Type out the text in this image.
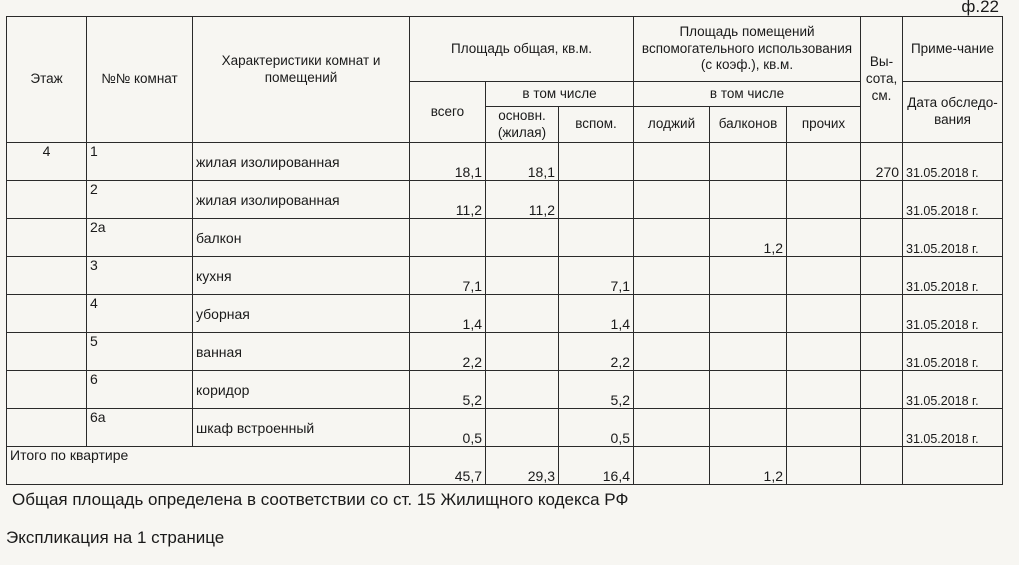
ф.22
Этаж	№№ комнат	Характеристики комнат и помещений	Площадь общая, кв.м.			Площадь помещений вспомогательного использования (с коэф.), кв.м.			Вы-сота, см.	Приме-чание
			всего	в том числе		в том числе				Дата обследо-вания
				основн. (жилая)	вспом.	лоджий	балконов	прочих		
4	1	жилая изолированная	18,1	18,1					270	31.05.2018 г.
	2	жилая изолированная	11,2	11,2						31.05.2018 г.
	2а	балкон					1,2			31.05.2018 г.
	3	кухня	7,1		7,1					31.05.2018 г.
	4	уборная	1,4		1,4					31.05.2018 г.
	5	ванная	2,2		2,2					31.05.2018 г.
	6	коридор	5,2		5,2					31.05.2018 г.
	6а	шкаф встроенный	0,5		0,5					31.05.2018 г.
Итого по квартире			45,7	29,3	16,4		1,2			
Общая площадь определена в соответствии со ст. 15 Жилищного кодекса РФ
Экспликация на 1 странице
